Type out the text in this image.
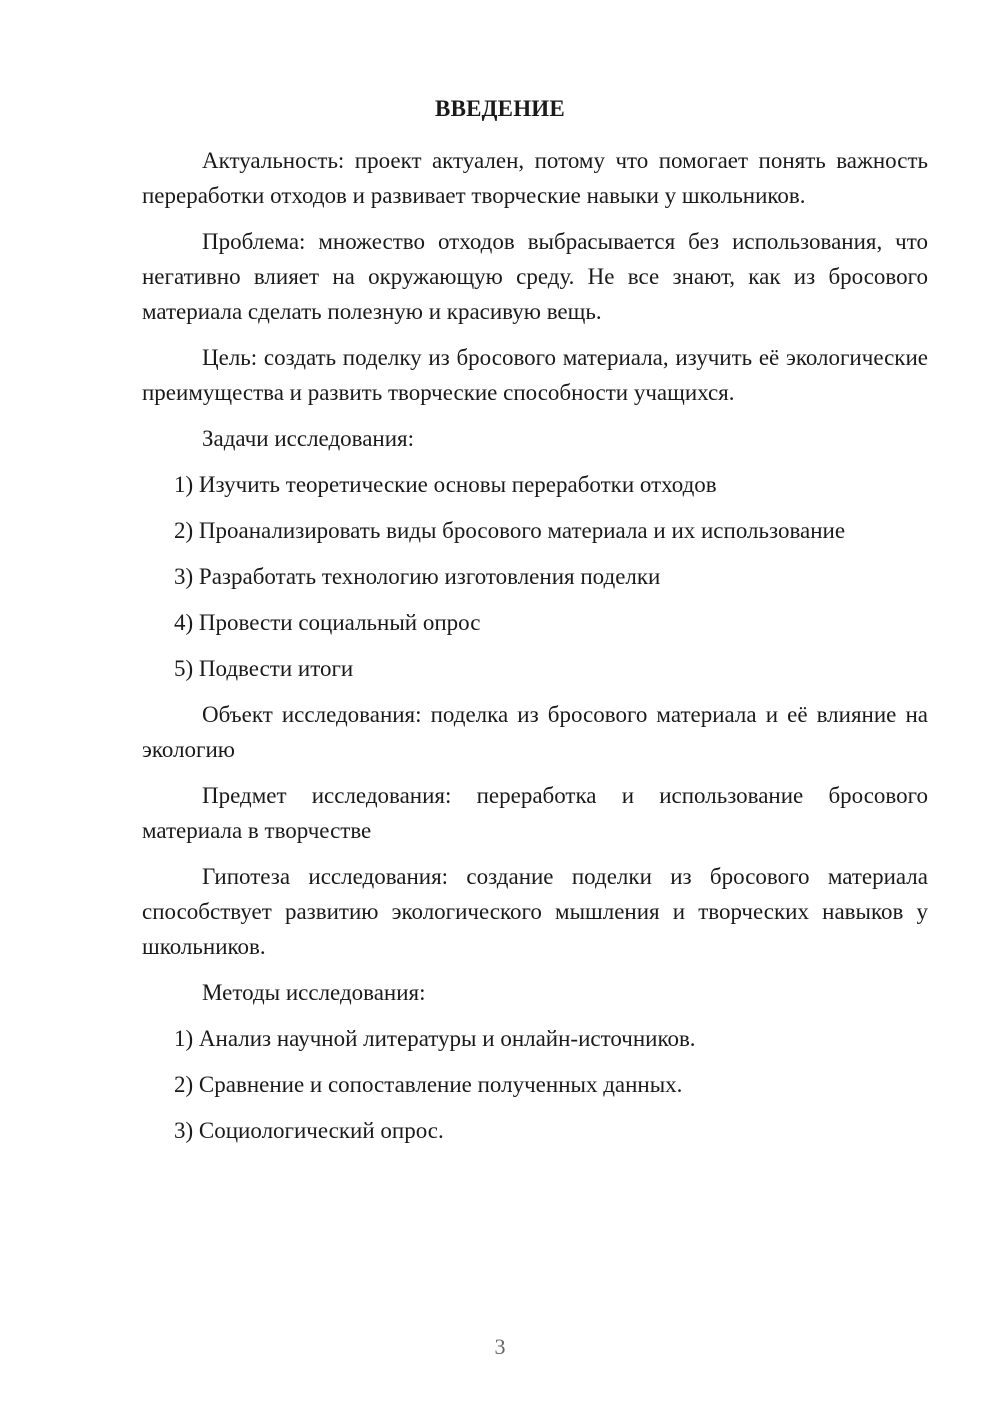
ВВЕДЕНИЕ

Актуальность: проект актуален, потому что помогает понять важность переработки отходов и развивает творческие навыки у школьников.

Проблема: множество отходов выбрасывается без использования, что негативно влияет на окружающую среду. Не все знают, как из бросового материала сделать полезную и красивую вещь.

Цель: создать поделку из бросового материала, изучить её экологические преимущества и развить творческие способности учащихся.

Задачи исследования:

1) Изучить теоретические основы переработки отходов
2) Проанализировать виды бросового материала и их использование
3) Разработать технологию изготовления поделки
4) Провести социальный опрос
5) Подвести итоги

Объект исследования: поделка из бросового материала и её влияние на экологию

Предмет исследования: переработка и использование бросового материала в творчестве

Гипотеза исследования: создание поделки из бросового материала способствует развитию экологического мышления и творческих навыков у школьников.

Методы исследования:

1) Анализ научной литературы и онлайн-источников.
2) Сравнение и сопоставление полученных данных.
3) Социологический опрос.
3
